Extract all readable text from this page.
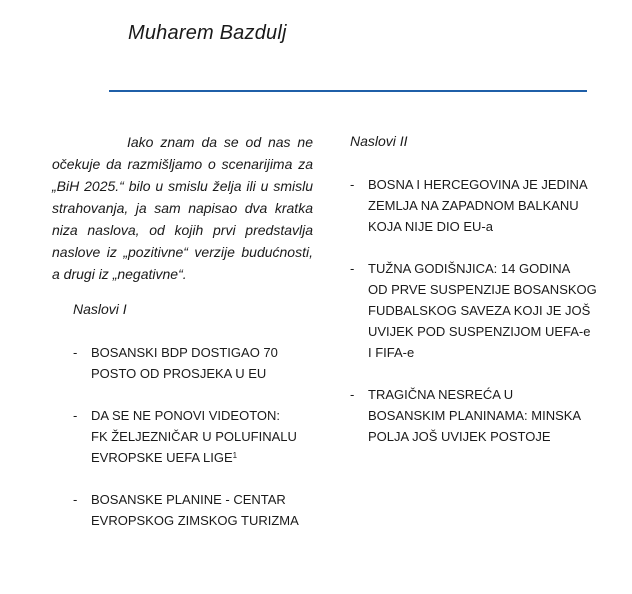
Muharem Bazdulj

Iako znam da se od nas ne očekuje da razmišljamo o scenarijima za „BiH 2025.“ bilo u smislu želja ili u smislu strahovanja, ja sam napisao dva kratka niza naslova, od kojih prvi predstavlja naslove iz „pozitivne“ verzije budućnosti, a drugi iz „negativne“.

Naslovi I

- BOSANSKI BDP DOSTIGAO 70
POSTO OD PROSJEKA U EU
- DA SE NE PONOVI VIDEOTON:
FK ŽELJEZNIČAR U POLUFINALU
EVROPSKE UEFA LIGE$^1$
- BOSANSKE PLANINE - CENTAR
EVROPSKOG ZIMSKOG TURIZMA

Naslovi II

- BOSNA I HERCEGOVINA JE JEDINA
ZEMLJA NA ZAPADNOM BALKANU
KOJA NIJE DIO EU-a
- TUŽNA GODIŠNJICA: 14 GODINA
OD PRVE SUSPENZIJE BOSANSKOG
FUDBALSKOG SAVEZA KOJI JE JOŠ
UVIJEK POD SUSPENZIJOM UEFA-e
I FIFA-e
- TRAGIČNA NESREĆA U
BOSANSKIM PLANINAMA: MINSKA
POLJA JOŠ UVIJEK POSTOJE
